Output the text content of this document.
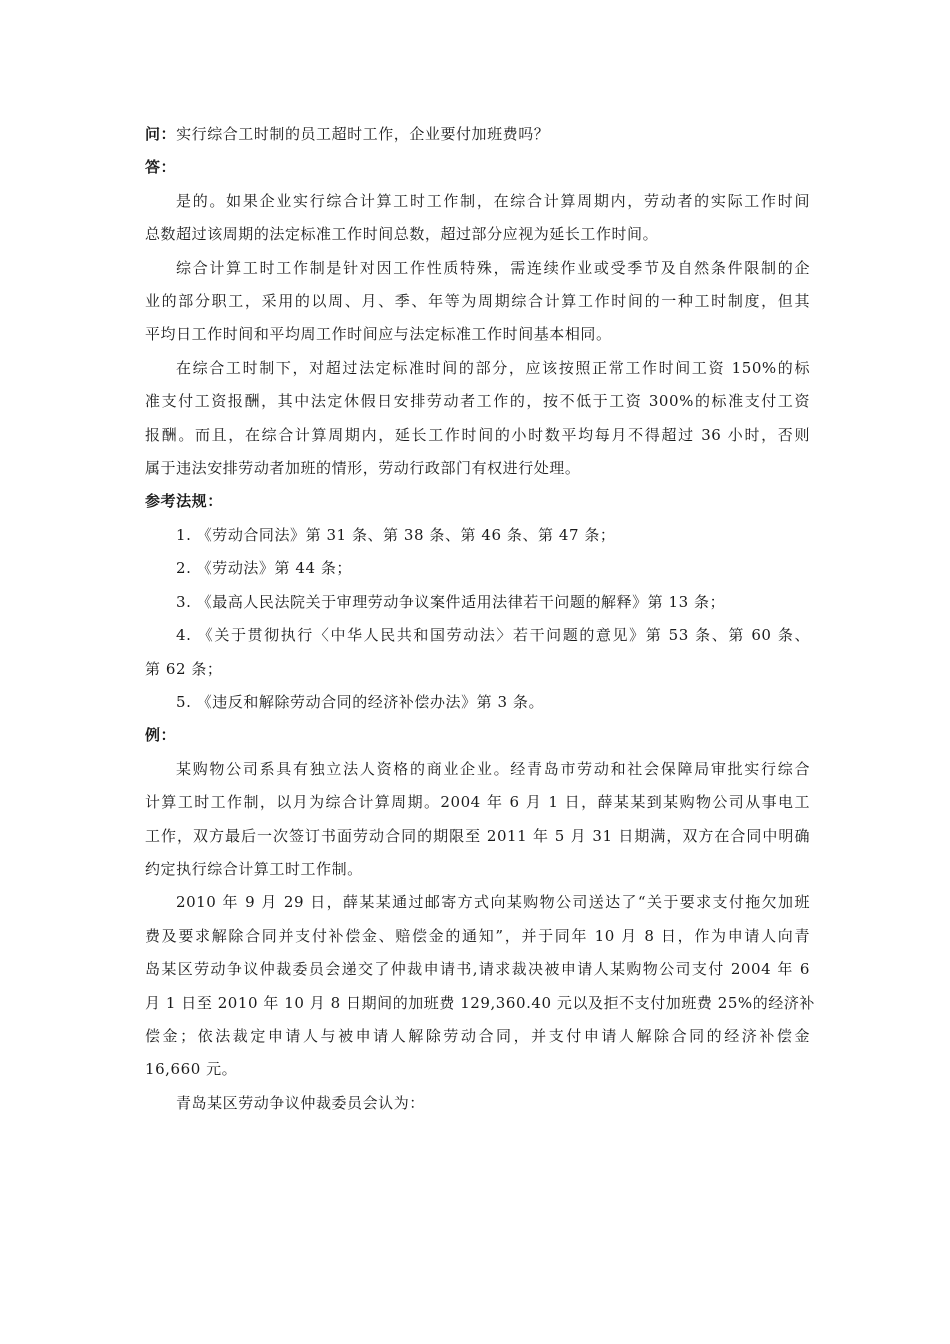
问：实行综合工时制的员工超时工作，企业要付加班费吗？
答：
是的。如果企业实行综合计算工时工作制，在综合计算周期内，劳动者的实际工作时间
总数超过该周期的法定标准工作时间总数，超过部分应视为延长工作时间。
综合计算工时工作制是针对因工作性质特殊，需连续作业或受季节及自然条件限制的企
业的部分职工，采用的以周、月、季、年等为周期综合计算工作时间的一种工时制度，但其
平均日工作时间和平均周工作时间应与法定标准工作时间基本相同。
在综合工时制下，对超过法定标准时间的部分，应该按照正常工作时间工资 150%的标
准支付工资报酬，其中法定休假日安排劳动者工作的，按不低于工资 300%的标准支付工资
报酬。而且，在综合计算周期内，延长工作时间的小时数平均每月不得超过 36 小时，否则
属于违法安排劳动者加班的情形，劳动行政部门有权进行处理。
参考法规：
1. 《劳动合同法》第 31 条、第 38 条、第 46 条、第 47 条；
2. 《劳动法》第 44 条；
3. 《最高人民法院关于审理劳动争议案件适用法律若干问题的解释》第 13 条；
4. 《关于贯彻执行〈中华人民共和国劳动法〉若干问题的意见》第 53 条、第 60 条、
第 62 条；
5. 《违反和解除劳动合同的经济补偿办法》第 3 条。
例：
某购物公司系具有独立法人资格的商业企业。经青岛市劳动和社会保障局审批实行综合
计算工时工作制，以月为综合计算周期。2004 年 6 月 1 日，薛某某到某购物公司从事电工
工作，双方最后一次签订书面劳动合同的期限至 2011 年 5 月 31 日期满，双方在合同中明确
约定执行综合计算工时工作制。
2010 年 9 月 29 日，薛某某通过邮寄方式向某购物公司送达了“关于要求支付拖欠加班
费及要求解除合同并支付补偿金、赔偿金的通知”，并于同年 10 月 8 日，作为申请人向青
岛某区劳动争议仲裁委员会递交了仲裁申请书,请求裁决被申请人某购物公司支付 2004 年 6
月 1 日至 2010 年 10 月 8 日期间的加班费 129,360.40 元以及拒不支付加班费 25%的经济补
偿金；依法裁定申请人与被申请人解除劳动合同，并支付申请人解除合同的经济补偿金
16,660 元。
青岛某区劳动争议仲裁委员会认为：
